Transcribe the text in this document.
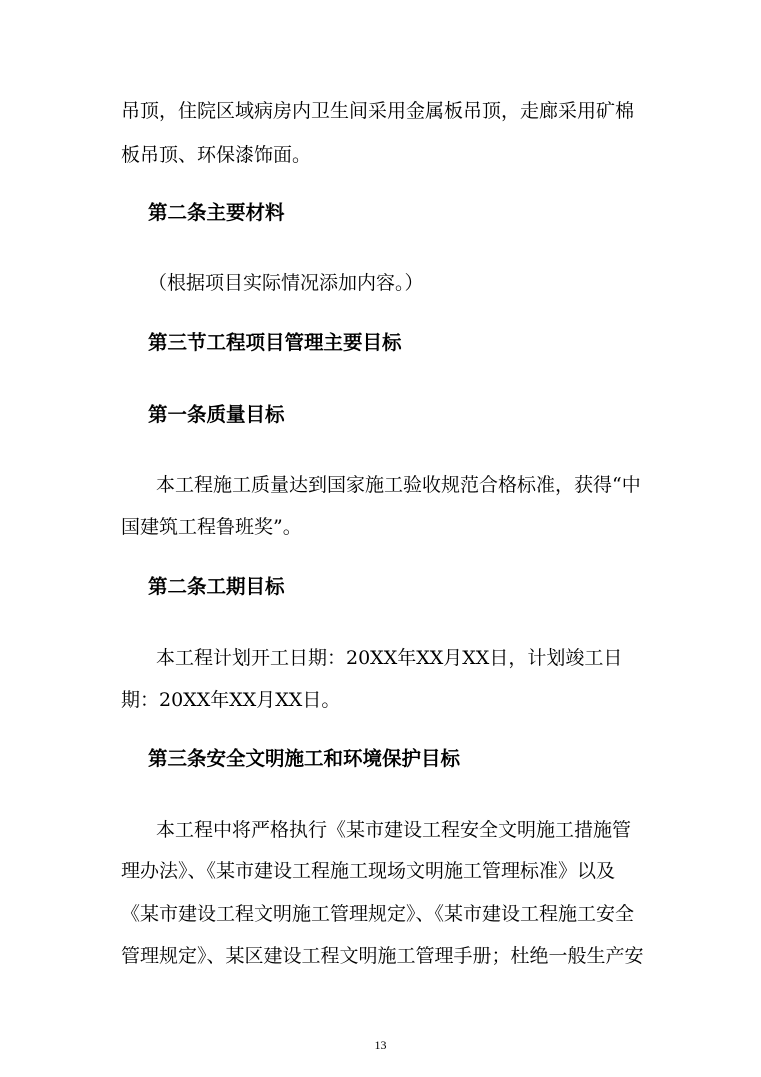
吊顶，住院区域病房内卫生间采用金属板吊顶，走廊采用矿棉
板吊顶、环保漆饰面。
第二条主要材料
（根据项目实际情况添加内容。）
第三节工程项目管理主要目标
第一条质量目标
本工程施工质量达到国家施工验收规范合格标准，获得“中
国建筑工程鲁班奖”。
第二条工期目标
本工程计划开工日期：20XX年XX月XX日，计划竣工日
期：20XX年XX月XX日。
第三条安全文明施工和环境保护目标
本工程中将严格执行《某市建设工程安全文明施工措施管
理办法》、《某市建设工程施工现场文明施工管理标准》以及
《某市建设工程文明施工管理规定》、《某市建设工程施工安全
管理规定》、某区建设工程文明施工管理手册；杜绝一般生产安
13
